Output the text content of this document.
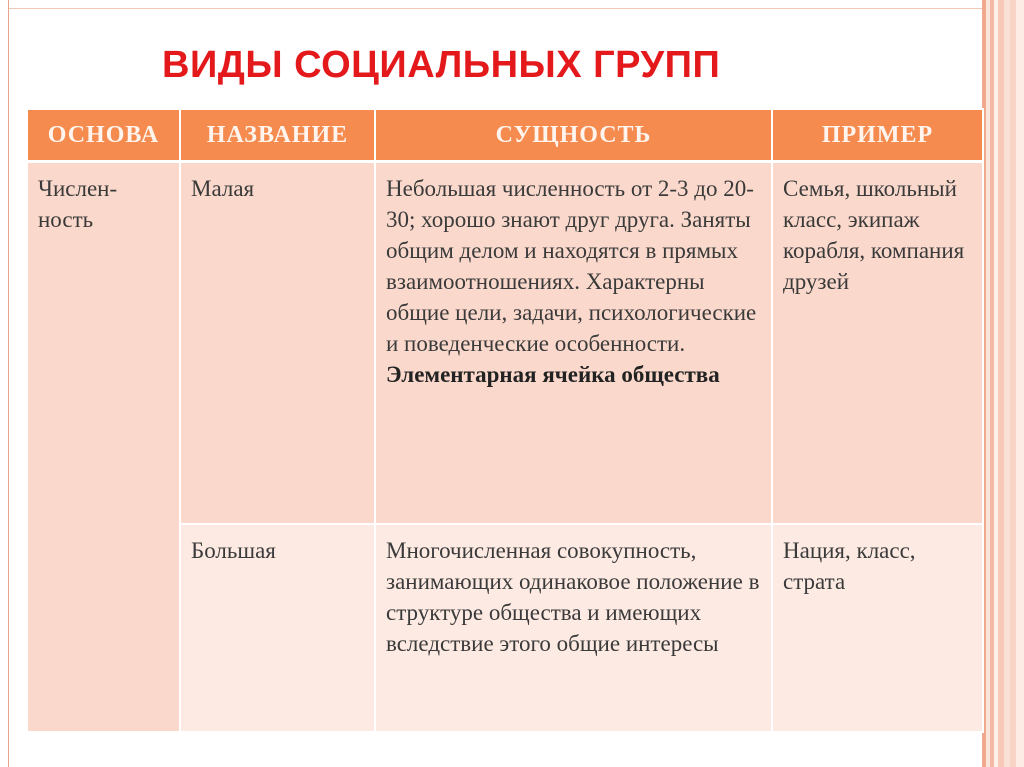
ВИДЫ СОЦИАЛЬНЫХ ГРУПП
ОСНОВА	НАЗВАНИЕ	СУЩНОСТЬ	ПРИМЕР
Числен-
ность	Малая	Небольшая численность от 2-3 до 20-30; хорошо знают друг друга. Заняты общим делом и находятся в прямых взаимоотношениях. Характерны общие цели, задачи, психологические и поведенческие особенности. Элементарная ячейка общества	Семья, школьный класс, экипаж корабля, компания друзей
	Большая	Многочисленная совокупность, занимающих одинаковое положение в структуре общества и имеющих вследствие этого общие интересы	Нация, класс, страта
